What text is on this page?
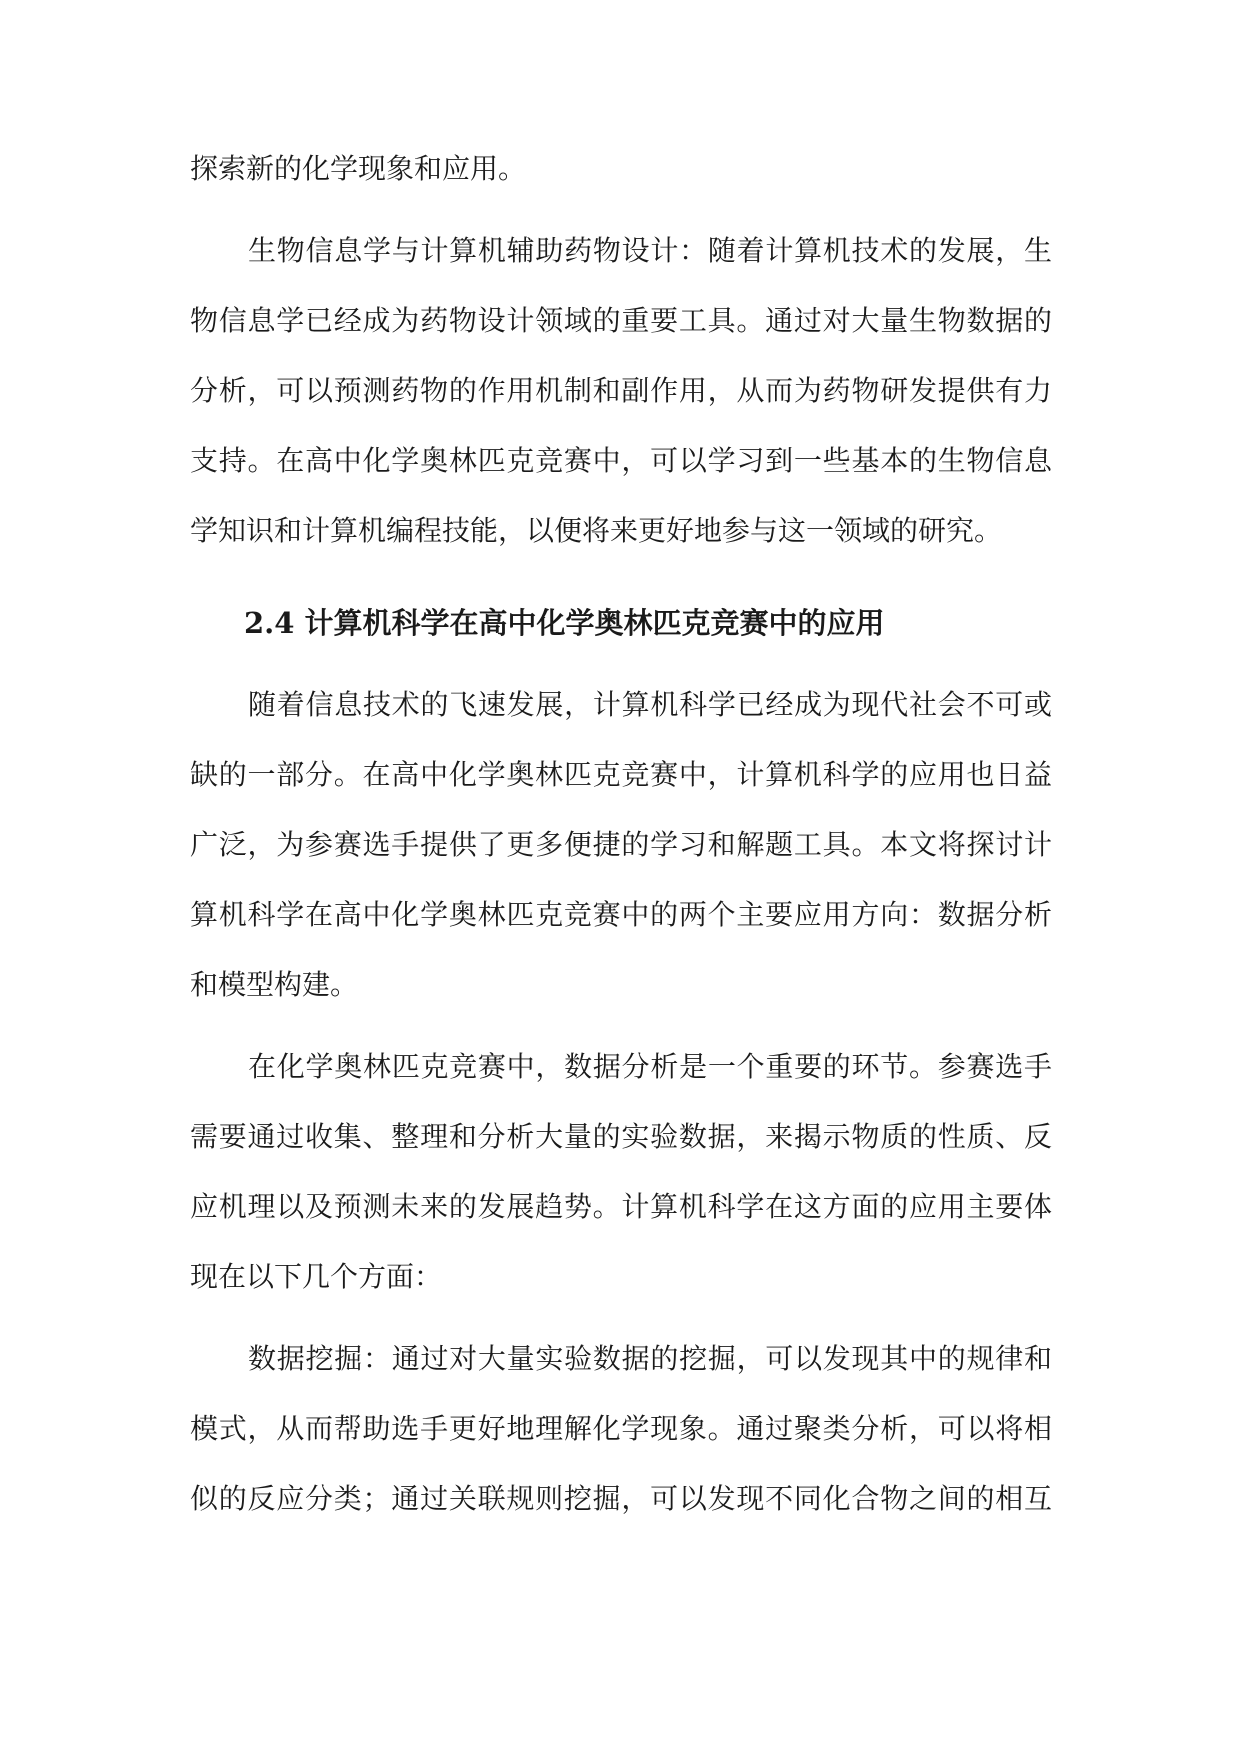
探索新的化学现象和应用。
生物信息学与计算机辅助药物设计：随着计算机技术的发展，生
物信息学已经成为药物设计领域的重要工具。通过对大量生物数据的
分析，可以预测药物的作用机制和副作用，从而为药物研发提供有力
支持。在高中化学奥林匹克竞赛中，可以学习到一些基本的生物信息
学知识和计算机编程技能，以便将来更好地参与这一领域的研究。
2.4 计算机科学在高中化学奥林匹克竞赛中的应用
随着信息技术的飞速发展，计算机科学已经成为现代社会不可或
缺的一部分。在高中化学奥林匹克竞赛中，计算机科学的应用也日益
广泛，为参赛选手提供了更多便捷的学习和解题工具。本文将探讨计
算机科学在高中化学奥林匹克竞赛中的两个主要应用方向：数据分析
和模型构建。
在化学奥林匹克竞赛中，数据分析是一个重要的环节。参赛选手
需要通过收集、整理和分析大量的实验数据，来揭示物质的性质、反
应机理以及预测未来的发展趋势。计算机科学在这方面的应用主要体
现在以下几个方面：
数据挖掘：通过对大量实验数据的挖掘，可以发现其中的规律和
模式，从而帮助选手更好地理解化学现象。通过聚类分析，可以将相
似的反应分类；通过关联规则挖掘，可以发现不同化合物之间的相互
